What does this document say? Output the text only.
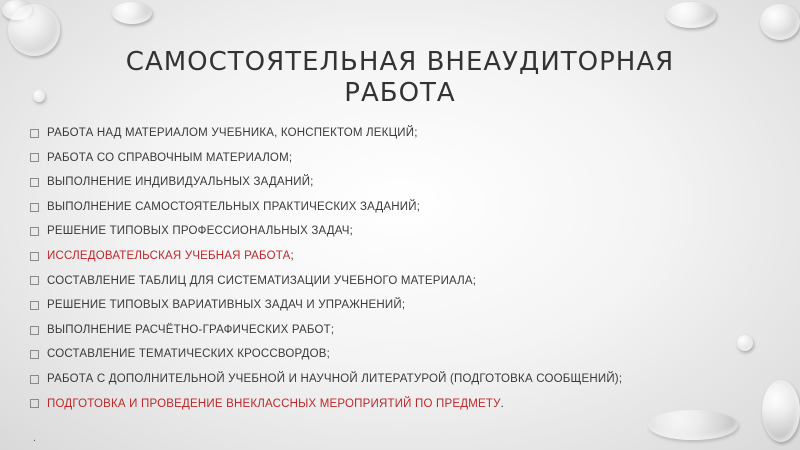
САМОСТОЯТЕЛЬНАЯ ВНЕАУДИТОРНАЯ РАБОТА
РАБОТА НАД МАТЕРИАЛОМ УЧЕБНИКА, КОНСПЕКТОМ ЛЕКЦИЙ;
РАБОТА СО СПРАВОЧНЫМ МАТЕРИАЛОМ;
ВЫПОЛНЕНИЕ ИНДИВИДУАЛЬНЫХ ЗАДАНИЙ;
ВЫПОЛНЕНИЕ САМОСТОЯТЕЛЬНЫХ ПРАКТИЧЕСКИХ ЗАДАНИЙ;
РЕШЕНИЕ ТИПОВЫХ ПРОФЕССИОНАЛЬНЫХ ЗАДАЧ;
ИССЛЕДОВАТЕЛЬСКАЯ УЧЕБНАЯ РАБОТА ;
СОСТАВЛЕНИЕ ТАБЛИЦ ДЛЯ СИСТЕМАТИЗАЦИИ УЧЕБНОГО МАТЕРИАЛА;
РЕШЕНИЕ ТИПОВЫХ ВАРИАТИВНЫХ ЗАДАЧ И УПРАЖНЕНИЙ;
ВЫПОЛНЕНИЕ РАСЧЁТНО-ГРАФИЧЕСКИХ РАБОТ;
СОСТАВЛЕНИЕ ТЕМАТИЧЕСКИХ КРОССВОРДОВ;
РАБОТА С ДОПОЛНИТЕЛЬНОЙ УЧЕБНОЙ И НАУЧНОЙ ЛИТЕРАТУРОЙ (ПОДГОТОВКА СООБЩЕНИЙ);
ПОДГОТОВКА И ПРОВЕДЕНИЕ ВНЕКЛАССНЫХ МЕРОПРИЯТИЙ ПО ПРЕДМЕТУ .
.
